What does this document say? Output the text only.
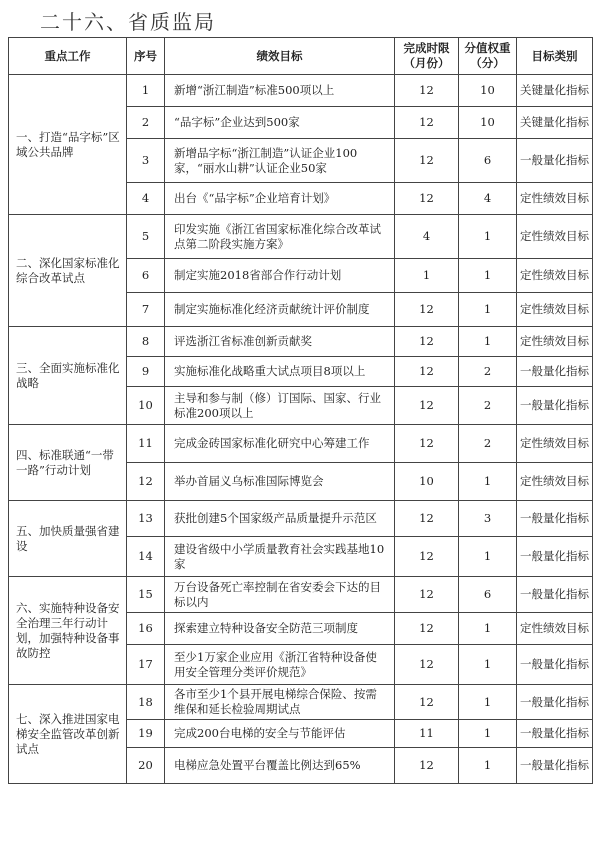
二十六、省质监局
重点工作	序号	绩效目标	完成时限（月份）	分值权重（分）	目标类别
一、打造“品字标”区域公共品牌	1	新增“浙江制造”标准500项以上	12	10	关键量化指标
	2	“品字标”企业达到500家	12	10	关键量化指标
	3	新增品字标“浙江制造”认证企业100家，“丽水山耕”认证企业50家	12	6	一般量化指标
	4	出台《“品字标”企业培育计划》	12	4	定性绩效目标
二、深化国家标准化综合改革试点	5	印发实施《浙江省国家标准化综合改革试点第二阶段实施方案》	4	1	定性绩效目标
	6	制定实施2018省部合作行动计划	1	1	定性绩效目标
	7	制定实施标准化经济贡献统计评价制度	12	1	定性绩效目标
三、全面实施标准化战略	8	评选浙江省标准创新贡献奖	12	1	定性绩效目标
	9	实施标准化战略重大试点项目8项以上	12	2	一般量化指标
	10	主导和参与制（修）订国际、国家、行业标准200项以上	12	2	一般量化指标
四、标准联通“一带一路”行动计划	11	完成金砖国家标准化研究中心筹建工作	12	2	定性绩效目标
	12	举办首届义乌标准国际博览会	10	1	定性绩效目标
五、加快质量强省建设	13	获批创建5个国家级产品质量提升示范区	12	3	一般量化指标
	14	建设省级中小学质量教育社会实践基地10家	12	1	一般量化指标
六、实施特种设备安全治理三年行动计划，加强特种设备事故防控	15	万台设备死亡率控制在省安委会下达的目标以内	12	6	一般量化指标
	16	探索建立特种设备安全防范三项制度	12	1	定性绩效目标
	17	至少1万家企业应用《浙江省特种设备使用安全管理分类评价规范》	12	1	一般量化指标
七、深入推进国家电梯安全监管改革创新试点	18	各市至少1个县开展电梯综合保险、按需维保和延长检验周期试点	12	1	一般量化指标
	19	完成200台电梯的安全与节能评估	11	1	一般量化指标
	20	电梯应急处置平台覆盖比例达到65%	12	1	一般量化指标
